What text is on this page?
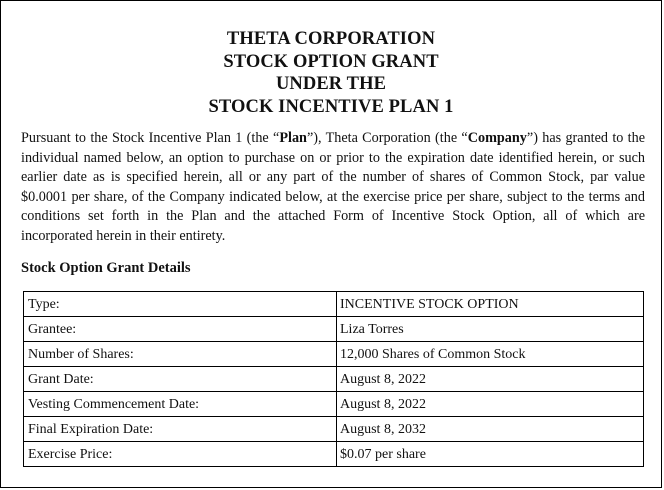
THETA CORPORATION
STOCK OPTION GRANT
UNDER THE
STOCK INCENTIVE PLAN 1

Pursuant to the Stock Incentive Plan 1 (the “Plan”), Theta Corporation (the “Company”) has granted to the individual named below, an option to purchase on or prior to the expiration date identified herein, or such earlier date as is specified herein, all or any part of the number of shares of Common Stock, par value $0.0001 per share, of the Company indicated below, at the exercise price per share, subject to the terms and conditions set forth in the Plan and the attached Form of Incentive Stock Option, all of which are incorporated herein in their entirety.

Stock Option Grant Details
Type:	INCENTIVE STOCK OPTION
Grantee:	Liza Torres
Number of Shares:	12,000 Shares of Common Stock
Grant Date:	August 8, 2022
Vesting Commencement Date:	August 8, 2022
Final Expiration Date:	August 8, 2032
Exercise Price:	$0.07 per share
